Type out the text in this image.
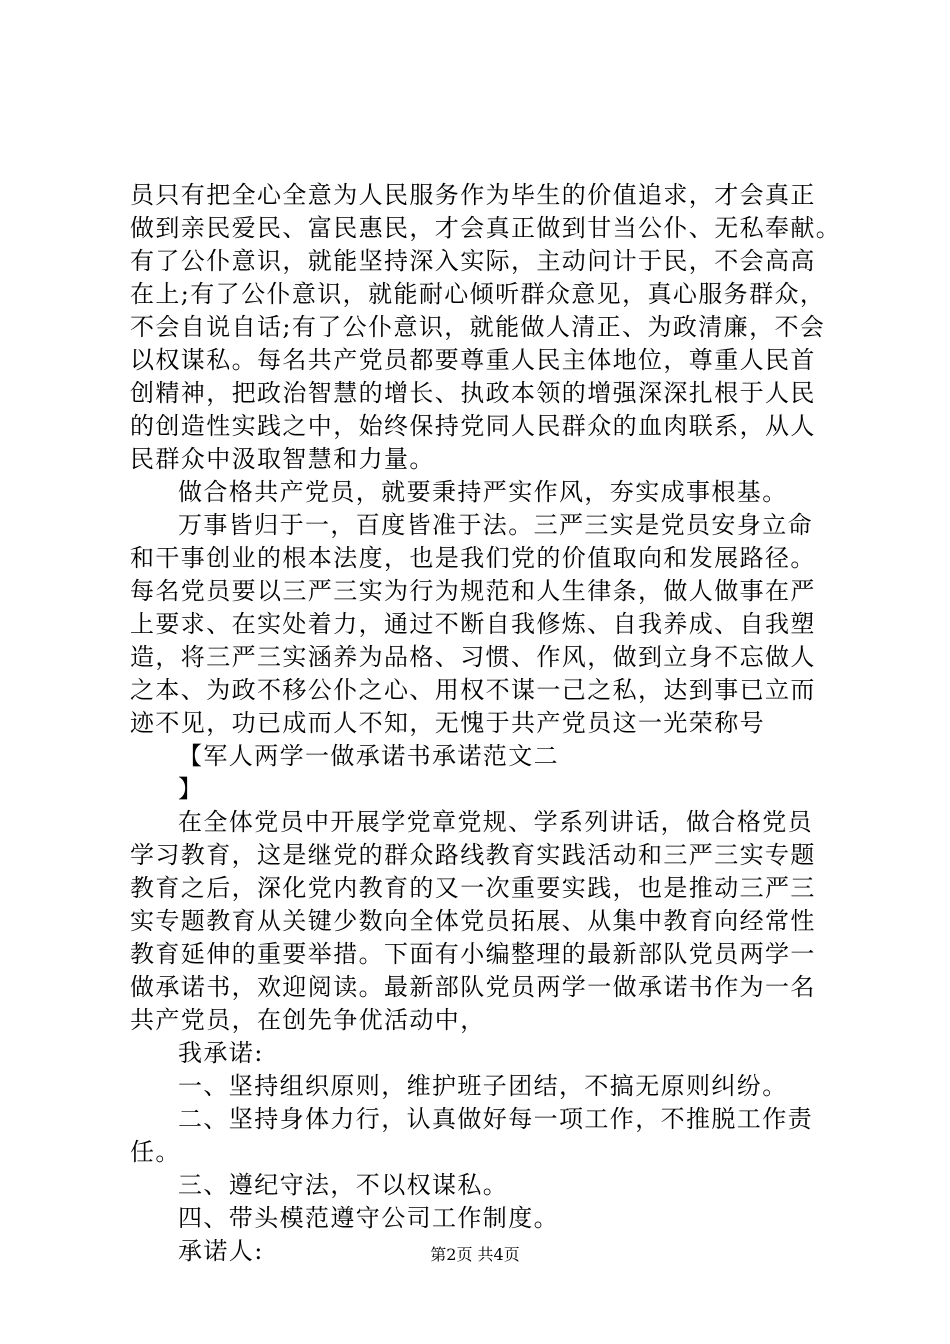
员只有把全心全意为人民服务作为毕生的价值追求，才会真正
做到亲民爱民、富民惠民，才会真正做到甘当公仆、无私奉献。
有了公仆意识，就能坚持深入实际，主动问计于民，不会高高
在上;有了公仆意识，就能耐心倾听群众意见，真心服务群众，
不会自说自话;有了公仆意识，就能做人清正、为政清廉，不会
以权谋私。每名共产党员都要尊重人民主体地位，尊重人民首
创精神，把政治智慧的增长、执政本领的增强深深扎根于人民
的创造性实践之中，始终保持党同人民群众的血肉联系，从人
民群众中汲取智慧和力量。
做合格共产党员，就要秉持严实作风，夯实成事根基。
万事皆归于一，百度皆准于法。三严三实是党员安身立命
和干事创业的根本法度，也是我们党的价值取向和发展路径。
每名党员要以三严三实为行为规范和人生律条，做人做事在严
上要求、在实处着力，通过不断自我修炼、自我养成、自我塑
造，将三严三实涵养为品格、习惯、作风，做到立身不忘做人
之本、为政不移公仆之心、用权不谋一己之私，达到事已立而
迹不见，功已成而人不知，无愧于共产党员这一光荣称号
【军人两学一做承诺书承诺范文二
】
在全体党员中开展学党章党规、学系列讲话，做合格党员
学习教育，这是继党的群众路线教育实践活动和三严三实专题
教育之后，深化党内教育的又一次重要实践，也是推动三严三
实专题教育从关键少数向全体党员拓展、从集中教育向经常性
教育延伸的重要举措。下面有小编整理的最新部队党员两学一
做承诺书，欢迎阅读。最新部队党员两学一做承诺书作为一名
共产党员，在创先争优活动中，
我承诺:
一、坚持组织原则，维护班子团结，不搞无原则纠纷。
二、坚持身体力行，认真做好每一项工作，不推脱工作责
任。
三、遵纪守法，不以权谋私。
四、带头模范遵守公司工作制度。
承诺人:	第2页 共4页
